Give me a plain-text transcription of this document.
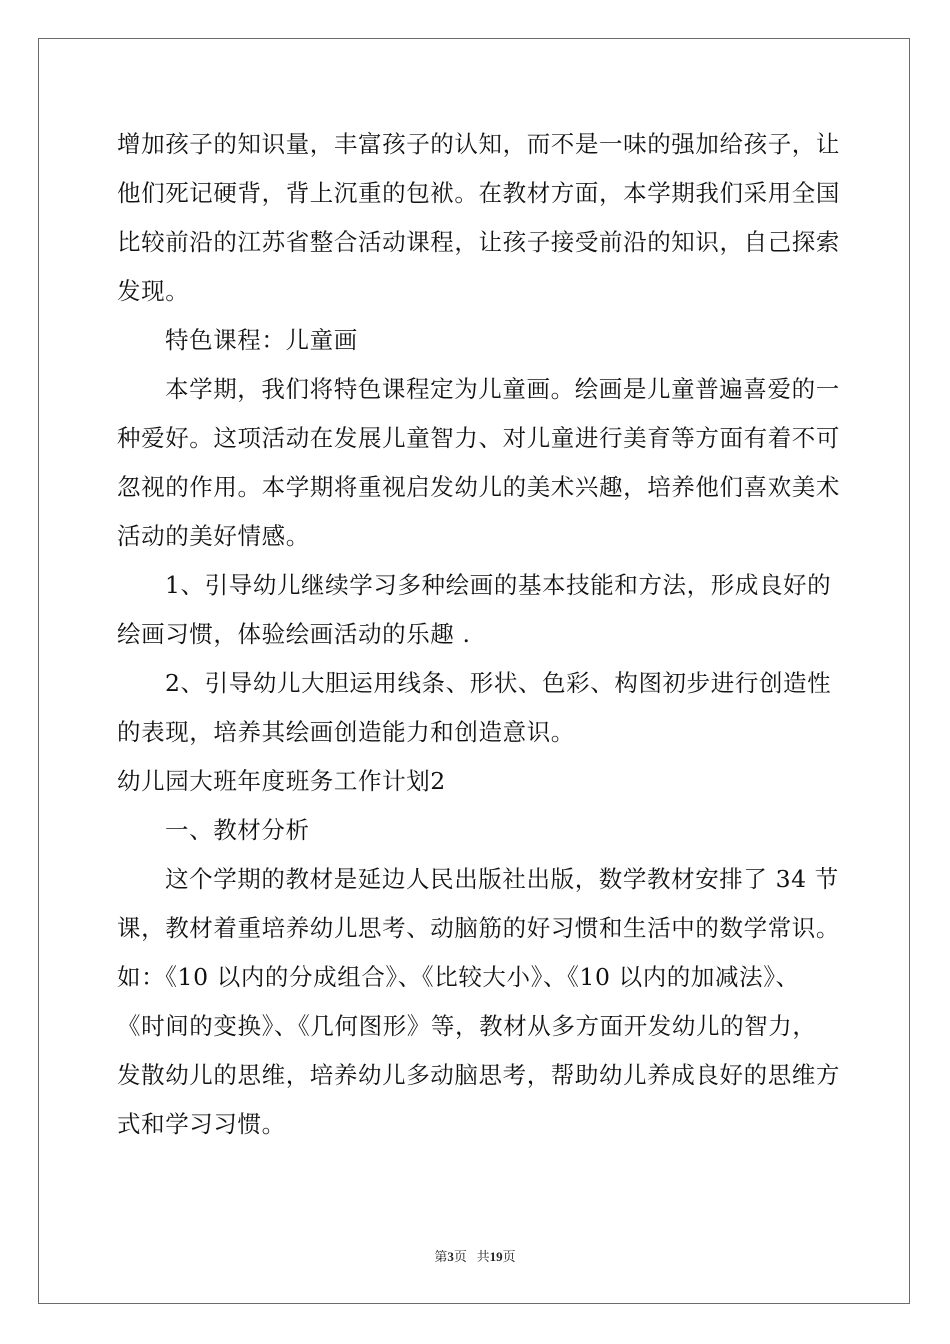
增加孩子的知识量，丰富孩子的认知，而不是一味的强加给孩子，让
他们死记硬背，背上沉重的包袱。在教材方面，本学期我们采用全国
比较前沿的江苏省整合活动课程，让孩子接受前沿的知识，自己探索
发现。
特色课程：儿童画
本学期，我们将特色课程定为儿童画。绘画是儿童普遍喜爱的一
种爱好。这项活动在发展儿童智力、对儿童进行美育等方面有着不可
忽视的作用。本学期将重视启发幼儿的美术兴趣，培养他们喜欢美术
活动的美好情感。
1、引导幼儿继续学习多种绘画的基本技能和方法，形成良好的
绘画习惯，体验绘画活动的乐趣 .
2、引导幼儿大胆运用线条、形状、色彩、构图初步进行创造性
的表现，培养其绘画创造能力和创造意识。
幼儿园大班年度班务工作计划2
一、教材分析
这个学期的教材是延边人民出版社出版，数学教材安排了 34 节
课，教材着重培养幼儿思考、动脑筋的好习惯和生活中的数学常识。
如：《10 以内的分成组合》、《比较大小》、《10 以内的加减法》、
《时间的变换》、《几何图形》等，教材从多方面开发幼儿的智力，
发散幼儿的思维，培养幼儿多动脑思考，帮助幼儿养成良好的思维方
式和学习习惯。
第3页 共19页
